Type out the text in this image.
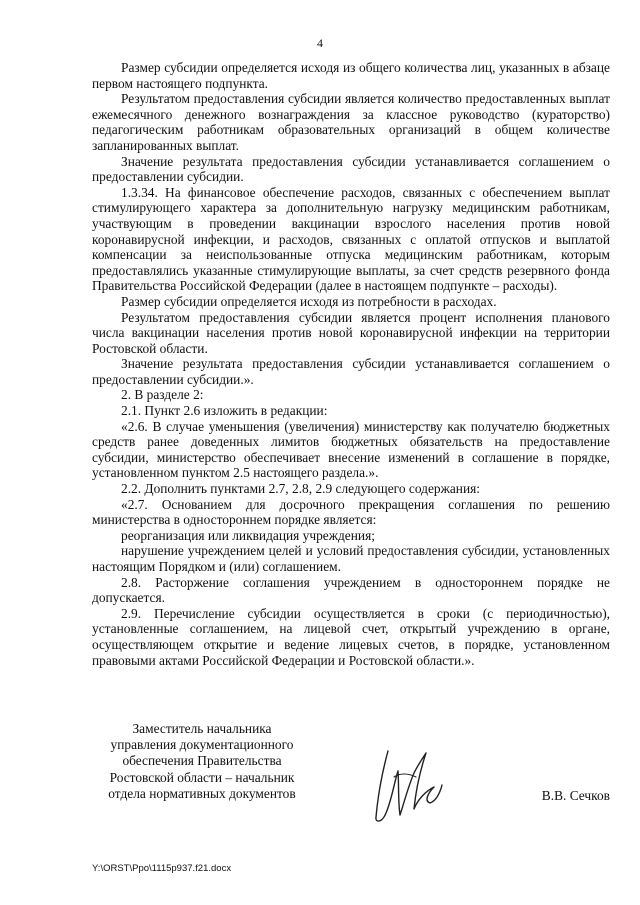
4

Размер субсидии определяется исходя из общего количества лиц, указанных в абзаце первом настоящего подпункта.

Результатом предоставления субсидии является количество предоставленных выплат ежемесячного денежного вознаграждения за классное руководство (кураторство) педагогическим работникам образовательных организаций в общем количестве запланированных выплат.

Значение результата предоставления субсидии устанавливается соглашением о предоставлении субсидии.

1.3.34. На финансовое обеспечение расходов, связанных с обеспечением выплат стимулирующего характера за дополнительную нагрузку медицинским работникам, участвующим в проведении вакцинации взрослого населения против новой коронавирусной инфекции, и расходов, связанных с оплатой отпусков и выплатой компенсации за неиспользованные отпуска медицинским работникам, которым предоставлялись указанные стимулирующие выплаты, за счет средств резервного фонда Правительства Российской Федерации (далее в настоящем подпункте – расходы).

Размер субсидии определяется исходя из потребности в расходах.

Результатом предоставления субсидии является процент исполнения планового числа вакцинации населения против новой коронавирусной инфекции на территории Ростовской области.

Значение результата предоставления субсидии устанавливается соглашением о предоставлении субсидии.».

2. В разделе 2:

2.1. Пункт 2.6 изложить в редакции:

«2.6. В случае уменьшения (увеличения) министерству как получателю бюджетных средств ранее доведенных лимитов бюджетных обязательств на предоставление субсидии, министерство обеспечивает внесение изменений в соглашение в порядке, установленном пунктом 2.5 настоящего раздела.».

2.2. Дополнить пунктами 2.7, 2.8, 2.9 следующего содержания:

«2.7. Основанием для досрочного прекращения соглашения по решению министерства в одностороннем порядке является:

реорганизация или ликвидация учреждения;

нарушение учреждением целей и условий предоставления субсидии, установленных настоящим Порядком и (или) соглашением.

2.8. Расторжение соглашения учреждением в одностороннем порядке не допускается.

2.9. Перечисление субсидии осуществляется в сроки (с периодичностью), установленные соглашением, на лицевой счет, открытый учреждению в органе, осуществляющем открытие и ведение лицевых счетов, в порядке, установленном правовыми актами Российской Федерации и Ростовской области.».

Заместитель начальника
управления документационного
обеспечения Правительства
Ростовской области – начальник
отдела нормативных документов	В.В. Сечков
Y:\ORST\Ppo\1115p937.f21.docx
